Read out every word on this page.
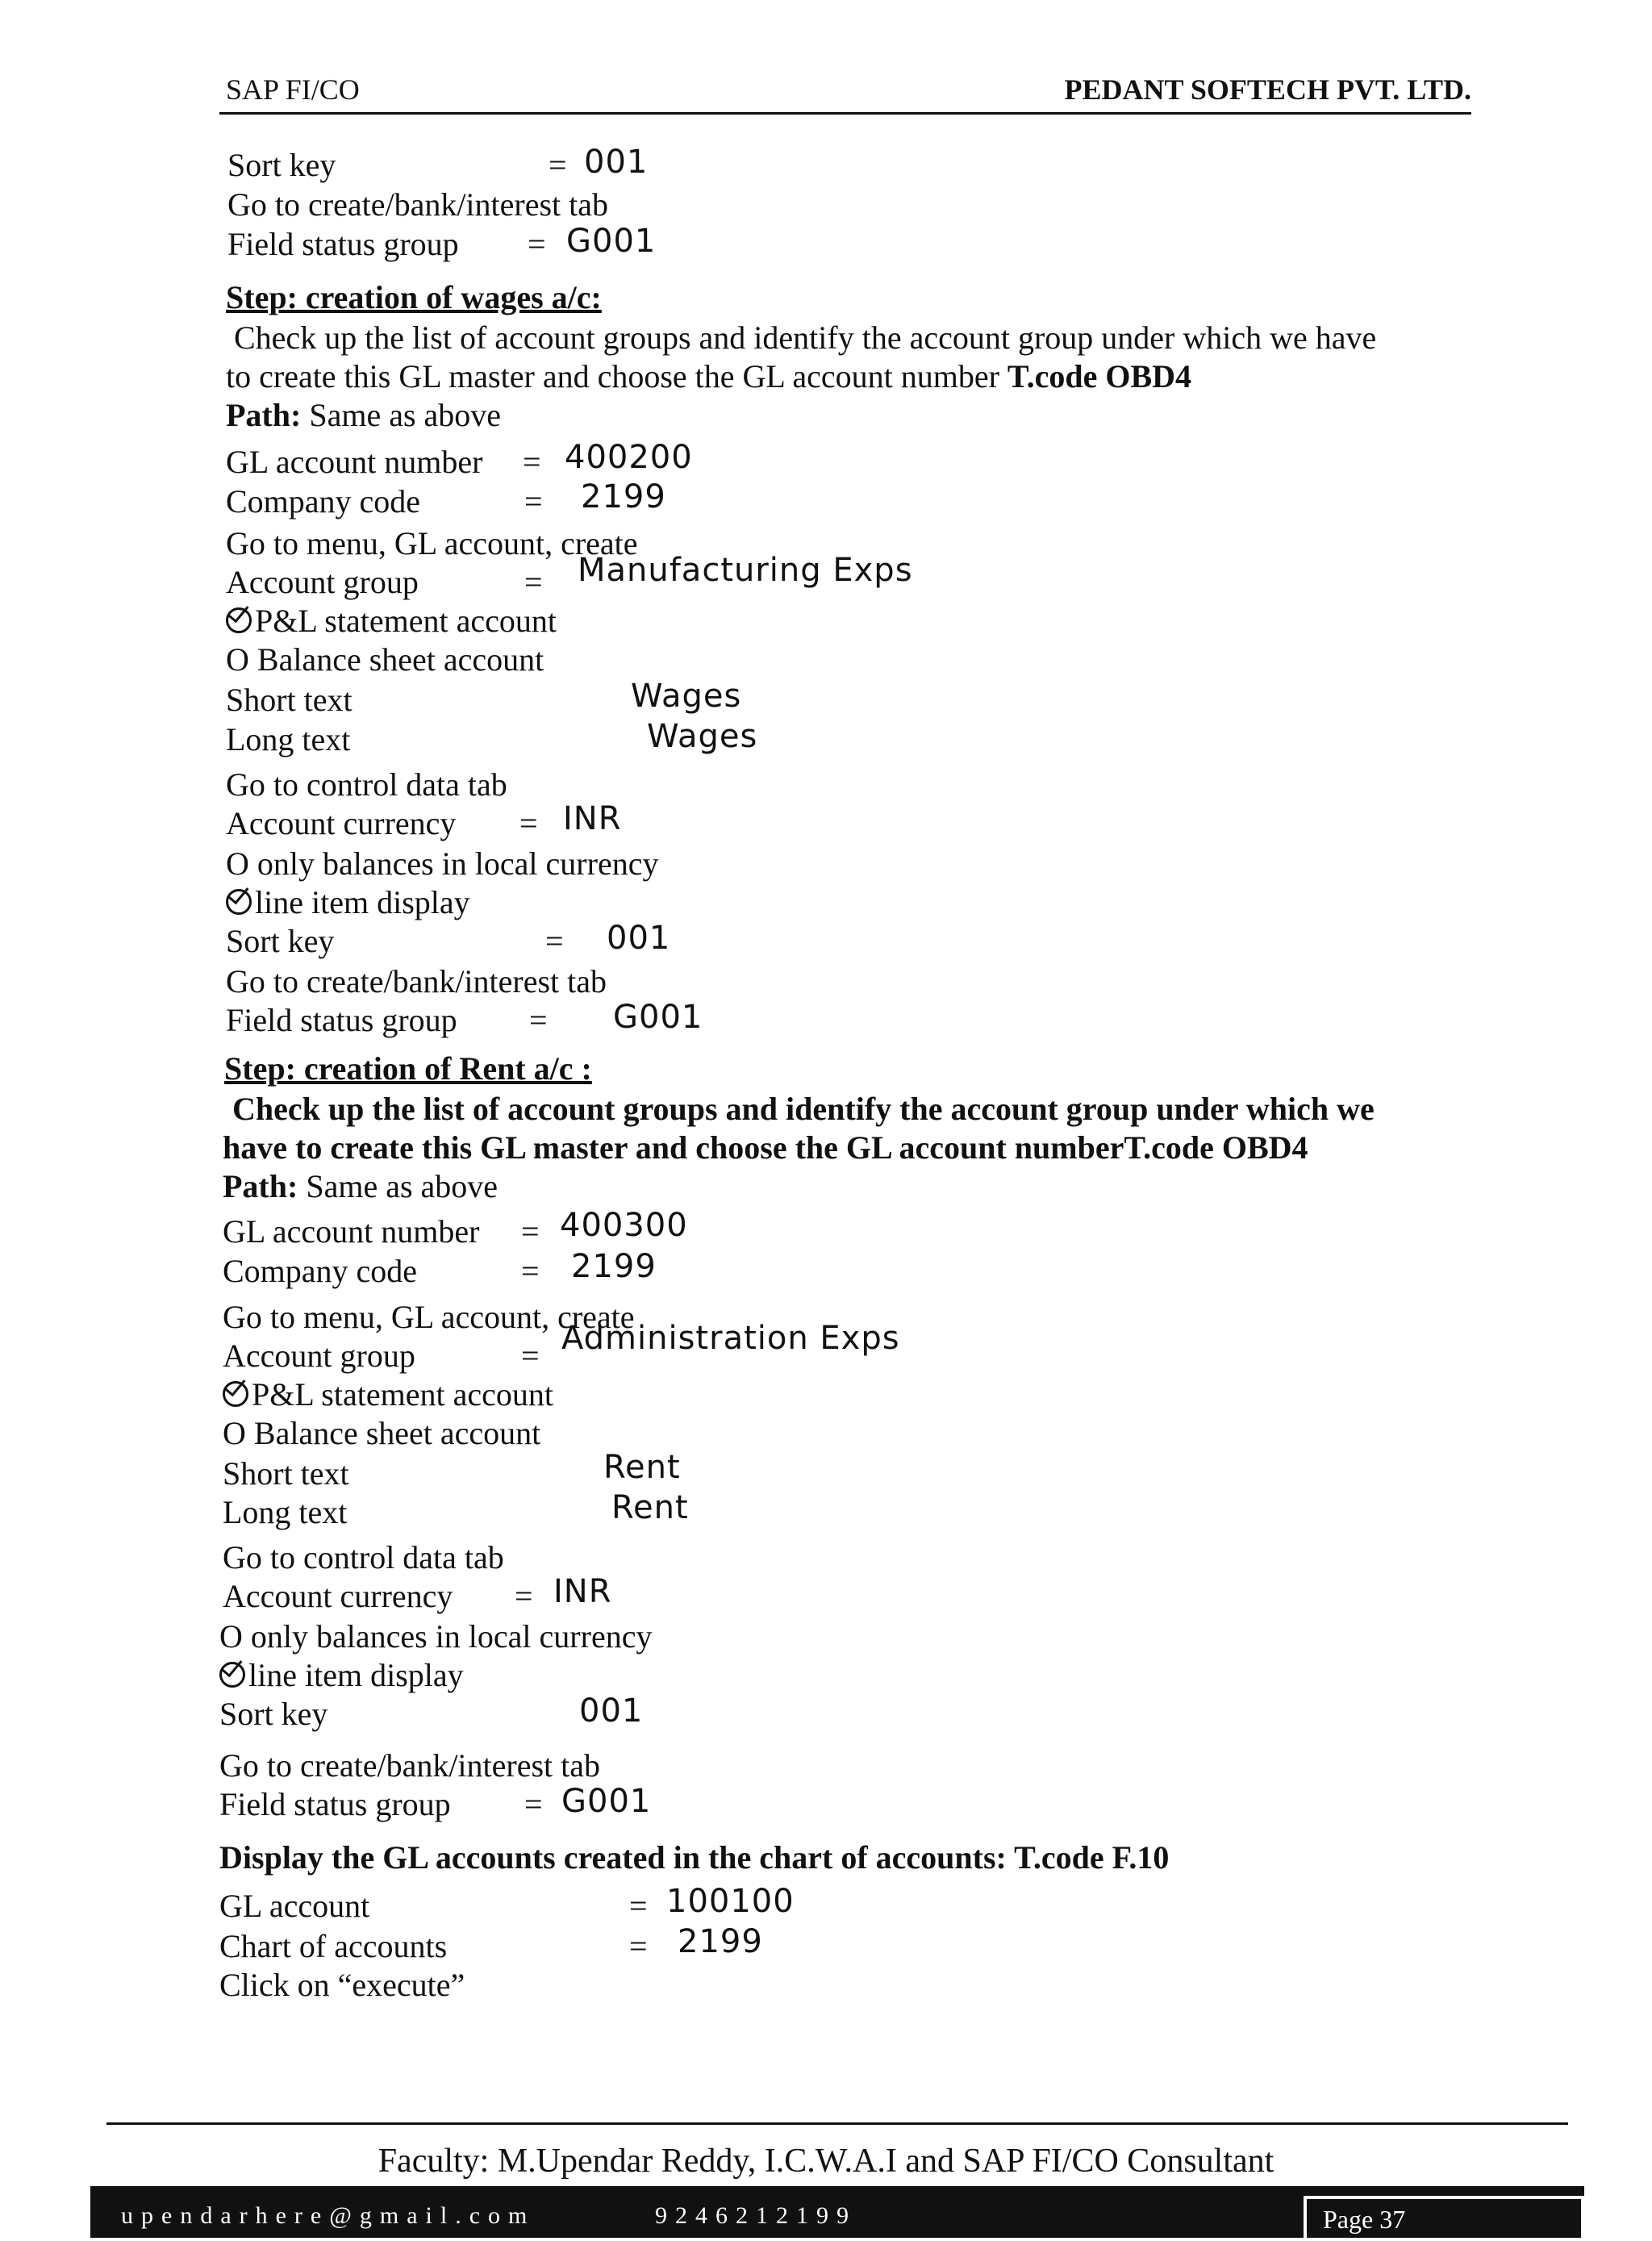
SAP FI/CO	PEDANT SOFTECH PVT. LTD.
Sort key	= 001
Go to create/bank/interest tab
Field status group = G001
Step: creation of wages a/c:
Check up the list of account groups and identify the account group under which we have
to create this GL master and choose the GL account number T.code OBD4
Path: Same as above
GL account number = 400200
Company code	= 2199
Go to menu, GL account, create
Account group	= Manufacturing Exps
P&L statement account
O Balance sheet account
Short text	Wages
Long text	Wages
Go to control data tab
Account currency = INR
O only balances in local currency
line item display
Sort key	= 001
Go to create/bank/interest tab
Field status group = G001
Step: creation of Rent a/c :
Check up the list of account groups and identify the account group under which we
have to create this GL master and choose the GL account numberT.code OBD4
Path: Same as above
GL account number = 400300
Company code	= 2199
Go to menu, GL account, create
Account group	= Administration Exps
P&L statement account
O Balance sheet account
Short text	Rent
Long text	Rent
Go to control data tab
Account currency = INR
O only balances in local currency
line item display
Sort key	001
Go to create/bank/interest tab
Field status group = G001
Display the GL accounts created in the chart of accounts: T.code F.10
GL account	= 100100
Chart of accounts	= 2199
Click on “execute”
Faculty: M.Upendar Reddy, I.C.W.A.I and SAP FI/CO Consultant
upendarhere@gmail.com	9246212199	Page 37
